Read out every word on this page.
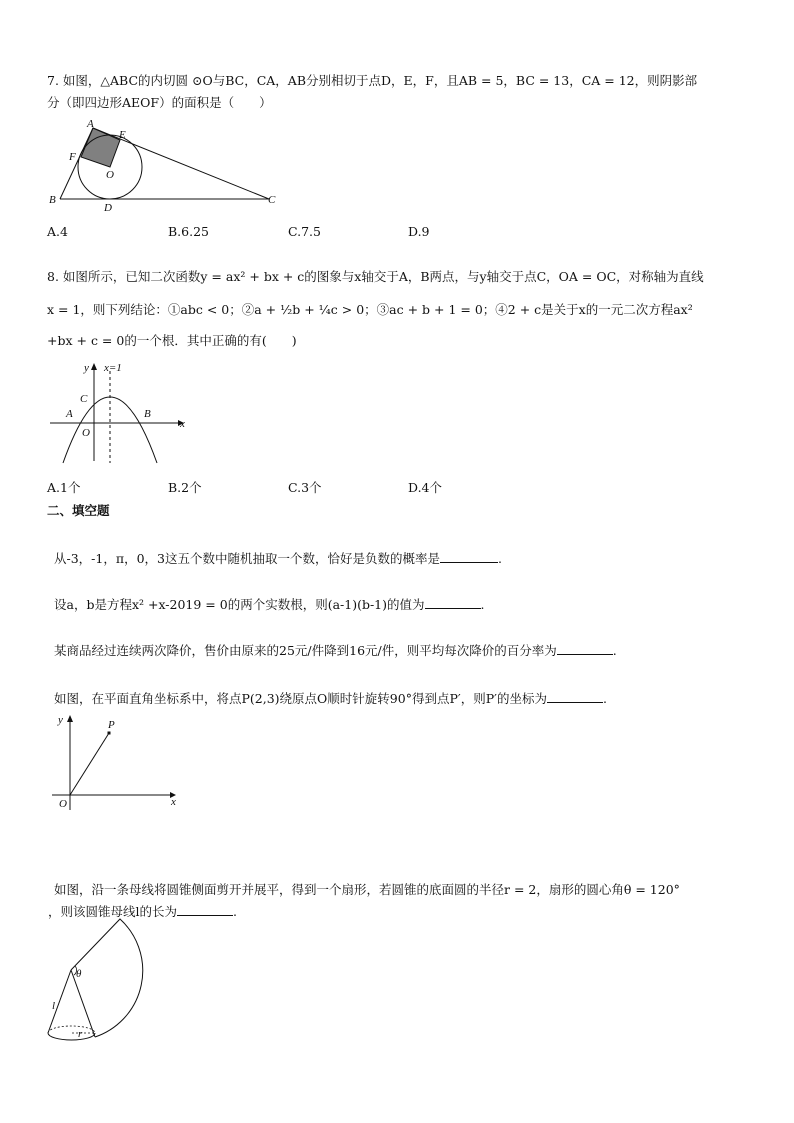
7. 如图，△ABC的内切圆 ⊙O与BC，CA，AB分别相切于点D，E，F，且AB = 5，BC = 13，CA = 12，则阴影部
分（即四边形AEOF）的面积是（　　）
A
E
F
O
B
D
C
A.4	B.6.25	C.7.5	D.9
8. 如图所示，已知二次函数y = ax² + bx + c的图象与x轴交于A，B两点，与y轴交于点C，OA = OC，对称轴为直线
x = 1，则下列结论：①abc < 0；②a + ½b + ¼c > 0；③ac + b + 1 = 0；④2 + c是关于x的一元二次方程ax²
+bx + c = 0的一个根．其中正确的有(　　)
y x=1
C
A	B
O
x
A.1个	B.2个	C.3个	D.4个
二、填空题
从-3，-1，π，0，3这五个数中随机抽取一个数，恰好是负数的概率是	.
设a，b是方程x² +x-2019 = 0的两个实数根，则(a-1)(b-1)的值为	.
某商品经过连续两次降价，售价由原来的25元/件降到16元/件，则平均每次降价的百分率为	.
如图，在平面直角坐标系中，将点P(2,3)绕原点O顺时针旋转90°得到点P′，则P′的坐标为	.
y	P
O	x
如图，沿一条母线将圆锥侧面剪开并展平，得到一个扇形，若圆锥的底面圆的半径r = 2，扇形的圆心角θ = 120°
，则该圆锥母线l的长为	.
θ
l
r
